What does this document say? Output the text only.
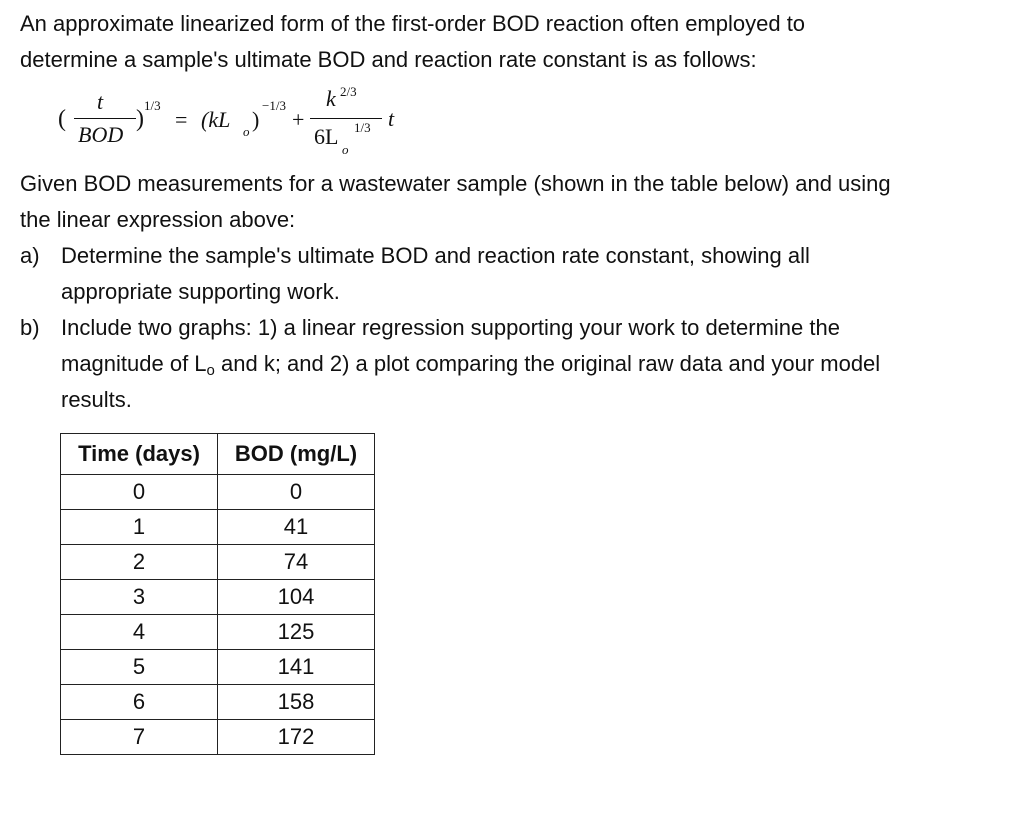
An approximate linearized form of the first-order BOD reaction often employed to
determine a sample's ultimate BOD and reaction rate constant is as follows:
(
t
BOD
)
1/3
= (kL o )
−1/3
+
k 2/3
6L
o
1/3 t
Given BOD measurements for a wastewater sample (shown in the table below) and using
the linear expression above:
a) Determine the sample's ultimate BOD and reaction rate constant, showing all
appropriate supporting work.
b) Include two graphs: 1) a linear regression supporting your work to determine the
magnitude of $L_o$ and k; and 2) a plot comparing the original raw data and your model
results.
Time (days)	BOD (mg/L)
0	0
1	41
2	74
3	104
4	125
5	141
6	158
7	172
